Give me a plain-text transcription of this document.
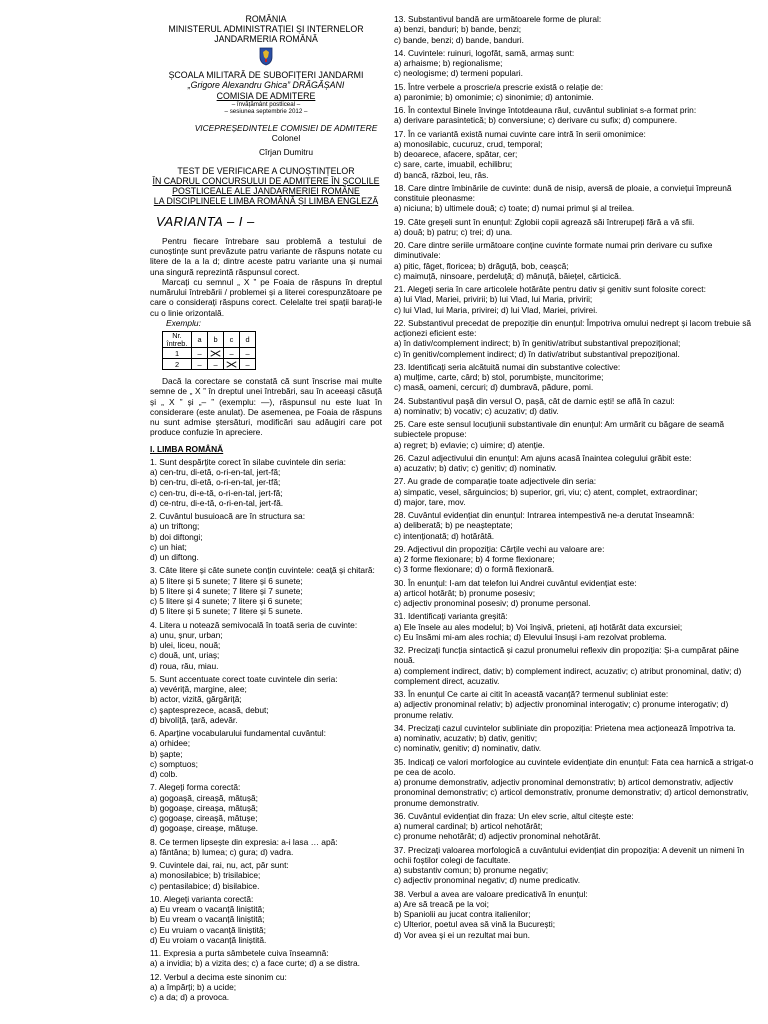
ROMÂNIA
MINISTERUL ADMINISTRAȚIEI ȘI INTERNELOR
JANDARMERIA ROMÂNĂ
ȘCOALA MILITARĂ DE SUBOFIȚERI JANDARMI
„Grigore Alexandru Ghica” DRĂGĂȘANI
COMISIA DE ADMITERE
– învățământ postliceal –
– sesiunea septembrie 2012 –
VICEPREȘEDINTELE COMISIEI DE ADMITERE
Colonel
Cîrjan Dumitru
TEST DE VERIFICARE A CUNOȘTINȚELOR
ÎN CADRUL CONCURSULUI DE ADMITERE ÎN ȘCOLILE POSTLICEALE ALE JANDARMERIEI ROMÂNE
LA DISCIPLINELE LIMBA ROMÂNĂ ȘI LIMBA ENGLEZĂ
VARIANTA – I –
Pentru fiecare întrebare sau problemă a testului de cunoștințe sunt prevăzute patru variante de răspuns notate cu litere de la a la d; dintre aceste patru variante una și numai una singură reprezintă răspunsul corect.
Marcați cu semnul „ X ” pe Foaia de răspuns în dreptul numărului întrebării / problemei și a literei corespunzătoare pe care o considerați răspuns corect. Celelalte trei spații barați-le cu o linie orizontală.
Exemplu:
Nr. întreb.	a	b	c	d
1	–		–	–
2	–	–		–
Dacă la corectare se constată că sunt înscrise mai multe semne de „ X ” în dreptul unei întrebări, sau în aceeași căsuță și „ X ” și „– ” (exemplu: —), răspunsul nu este luat în considerare (este anulat). De asemenea, pe Foaia de răspuns nu sunt admise ștersături, modificări sau adăugiri care pot produce confuzie în apreciere.
I. LIMBA ROMÂNĂ

1. Sunt despărțite corect în silabe cuvintele din seria:

a) cen-tru, di-etă, o-ri-en-tal, jert-fă;

b) cen-tru, di-etă, o-ri-en-tal, jer-tfă;

c) cen-tru, di-e-tă, o-ri-en-tal, jert-fă;

d) ce-ntru, di-e-tă, o-ri-en-tal, jert-fă.

2. Cuvântul busuioacă are în structura sa:

a) un triftong;

b) doi diftongi;

c) un hiat;

d) un diftong.

3. Câte litere și câte sunete conțin cuvintele: ceață și chitară:

a) 5 litere și 5 sunete; 7 litere și 6 sunete;

b) 5 litere și 4 sunete; 7 litere și 7 sunete;

c) 5 litere și 4 sunete; 7 litere și 6 sunete;

d) 5 litere și 5 sunete; 7 litere și 5 sunete.

4. Litera u notează semivocală în toată seria de cuvinte:

a) unu, șnur, urban;

b) ulei, liceu, nouă;

c) două, unt, uriaș;

d) roua, rău, miau.

5. Sunt accentuate corect toate cuvintele din seria:

a) vevériță, margine, alee;

b) actor, vizită, gărgăriță;

c) șaptesprezece, acasă, debut;

d) bivolíță, țară, adevăr.

6. Aparține vocabularului fundamental cuvântul:

a) orhidee;

b) șapte;

c) somptuos;

d) colb.

7. Alegeți forma corectă:

a) gogoașă, cireașă, mătușă;

b) gogoașe, cireașa, mătușă;

c) gogoașe, cireașă, mătușe;

d) gogoașe, cireașe, mătușe.

8. Ce termen lipsește din expresia: a-i lasa … apă:

a) fântâna; b) lumea; c) gura; d) vadra.

9. Cuvintele dai, rai, nu, act, păr sunt:

a) monosilabice; b) trisilabice;

c) pentasilabice; d) bisilabice.

10. Alegeți varianta corectă:

a) Eu vream o vacanță liniștită;

b) Eu vream o vacanță liniștită;

c) Eu vruiam o vacanță liniștită;

d) Eu vroiam o vacanță liniștită.

11. Expresia a purta sâmbetele cuiva înseamnă:

a) a invidia; b) a vizita des; c) a face curte; d) a se distra.

12. Verbul a decima este sinonim cu:

a) a împărți; b) a ucide;

c) a da; d) a provoca.

13. Substantivul bandă are următoarele forme de plural:

a) benzi, banduri; b) bande, benzi;

c) bande, benzi; d) bande, banduri.

14. Cuvintele: ruinuri, logofăt, samă, armaș sunt:

a) arhaisme; b) regionalisme;

c) neologisme; d) termeni populari.

15. Între verbele a proscrie/a prescrie există o relație de:

a) paronimie; b) omonimie; c) sinonimie; d) antonimie.

16. În contextul Binele învinge întotdeauna răul, cuvântul subliniat s-a format prin:

a) derivare parasintetică; b) conversiune; c) derivare cu sufix; d) compunere.

17. În ce variantă există numai cuvinte care intră în serii omonimice:

a) monosilabic, cucuruz, crud, temporal;

b) deoarece, afacere, spătar, cer;

c) sare, carte, imuabil, echilibru;

d) bancă, război, leu, râs.

18. Care dintre îmbinările de cuvinte: dună de nisip, aversă de ploaie, a conviețui împreună constituie pleonasme:

a) niciuna; b) ultimele două; c) toate; d) numai primul și al treilea.

19. Câte greșeli sunt în enunțul: Zglobii copii agrează săi întrerupeți fără a vă sfii.

a) două; b) patru; c) trei; d) una.

20. Care dintre seriile următoare conține cuvinte formate numai prin derivare cu sufixe diminutivale:

a) pitic, fâget, floricea; b) drăguță, bob, ceașcă;

c) maimuță, ninsoare, perdeluță; d) mânuță, băiețel, cărticică.

21. Alegeți seria în care articolele hotărâte pentru dativ și genitiv sunt folosite corect:

a) lui Vlad, Mariei, privirii; b) lui Vlad, lui Maria, privirii;

c) lui Vlad, lui Maria, privirei; d) lui Vlad, Mariei, privirei.

22. Substantivul precedat de prepoziție din enunțul: Împotriva omului nedrept și lacom trebuie să acționezi eficient este:

a) în dativ/complement indirect; b) în genitiv/atribut substantival prepozițional;

c) în genitiv/complement indirect; d) în dativ/atribut substantival prepozițional.

23. Identificați seria alcătuită numai din substantive colective:

a) mulțime, carte, cârd; b) stol, porumbiște, muncitorime;

c) masă, oameni, cercuri; d) dumbravă, pădure, pomi.

24. Substantivul pașă din versul O, pașă, cât de darnic ești! se află în cazul:

a) nominativ; b) vocativ; c) acuzativ; d) dativ.

25. Care este sensul locuțiunii substantivale din enunțul: Am urmărit cu băgare de seamă subiectele propuse:

a) regret; b) evlavie; c) uimire; d) atenție.

26. Cazul adjectivului din enunțul: Am ajuns acasă înaintea colegului grăbit este:

a) acuzativ; b) dativ; c) genitiv; d) nominativ.

27. Au grade de comparație toate adjectivele din seria:

a) simpatic, vesel, sărguincios; b) superior, gri, viu; c) atent, complet, extraordinar;

d) major, tare, mov.

28. Cuvântul evidențiat din enunțul: Intrarea intempestivă ne-a derutat înseamnă:

a) deliberată; b) pe neașteptate;

c) intenționată; d) hotărâtă.

29. Adjectivul din propoziția: Cărțile vechi au valoare are:

a) 2 forme flexionare; b) 4 forme flexionare;

c) 3 forme flexionare; d) o formă flexionară.

30. În enunțul: I-am dat telefon lui Andrei cuvântul evidențiat este:

a) articol hotărât; b) pronume posesiv;

c) adjectiv pronominal posesiv; d) pronume personal.

31. Identificați varianta greșită:

a) Ele însele au ales modelul; b) Voi înșivă, prieteni, ați hotărât data excursiei;

c) Eu însămi mi-am ales rochia; d) Elevului însuși i-am rezolvat problema.

32. Precizați funcția sintactică și cazul pronumelui reflexiv din propoziția: Și-a cumpărat pâine nouă.

a) complement indirect, dativ; b) complement indirect, acuzativ; c) atribut pronominal, dativ; d) complement direct, acuzativ.

33. În enunțul Ce carte ai citit în această vacanță? termenul subliniat este:

a) adjectiv pronominal relativ; b) adjectiv pronominal interogativ; c) pronume interogativ; d) pronume relativ.

34. Precizați cazul cuvintelor subliniate din propoziția: Prietena mea acționează împotriva ta.

a) nominativ, acuzativ; b) dativ, genitiv;

c) nominativ, genitiv; d) nominativ, dativ.

35. Indicați ce valori morfologice au cuvintele evidențiate din enunțul: Fata cea harnică a strigat-o pe cea de acolo.

a) pronume demonstrativ, adjectiv pronominal demonstrativ; b) articol demonstrativ, adjectiv pronominal demonstrativ; c) articol demonstrativ, pronume demonstrativ; d) articol demonstrativ, pronume demonstrativ.

36. Cuvântul evidențiat din fraza: Un elev scrie, altul citește este:

a) numeral cardinal; b) articol nehotărât;

c) pronume nehotărât; d) adjectiv pronominal nehotărât.

37. Precizați valoarea morfologică a cuvântului evidențiat din propoziția: A devenit un nimeni în ochii foștilor colegi de facultate.

a) substantiv comun; b) pronume negativ;

c) adjectiv pronominal negativ; d) nume predicativ.

38. Verbul a avea are valoare predicativă în enunțul:

a) Are să treacă pe la voi;

b) Spaniolii au jucat contra italienilor;

c) Ulterior, poetul avea să vină la București;

d) Vor avea și ei un rezultat mai bun.
